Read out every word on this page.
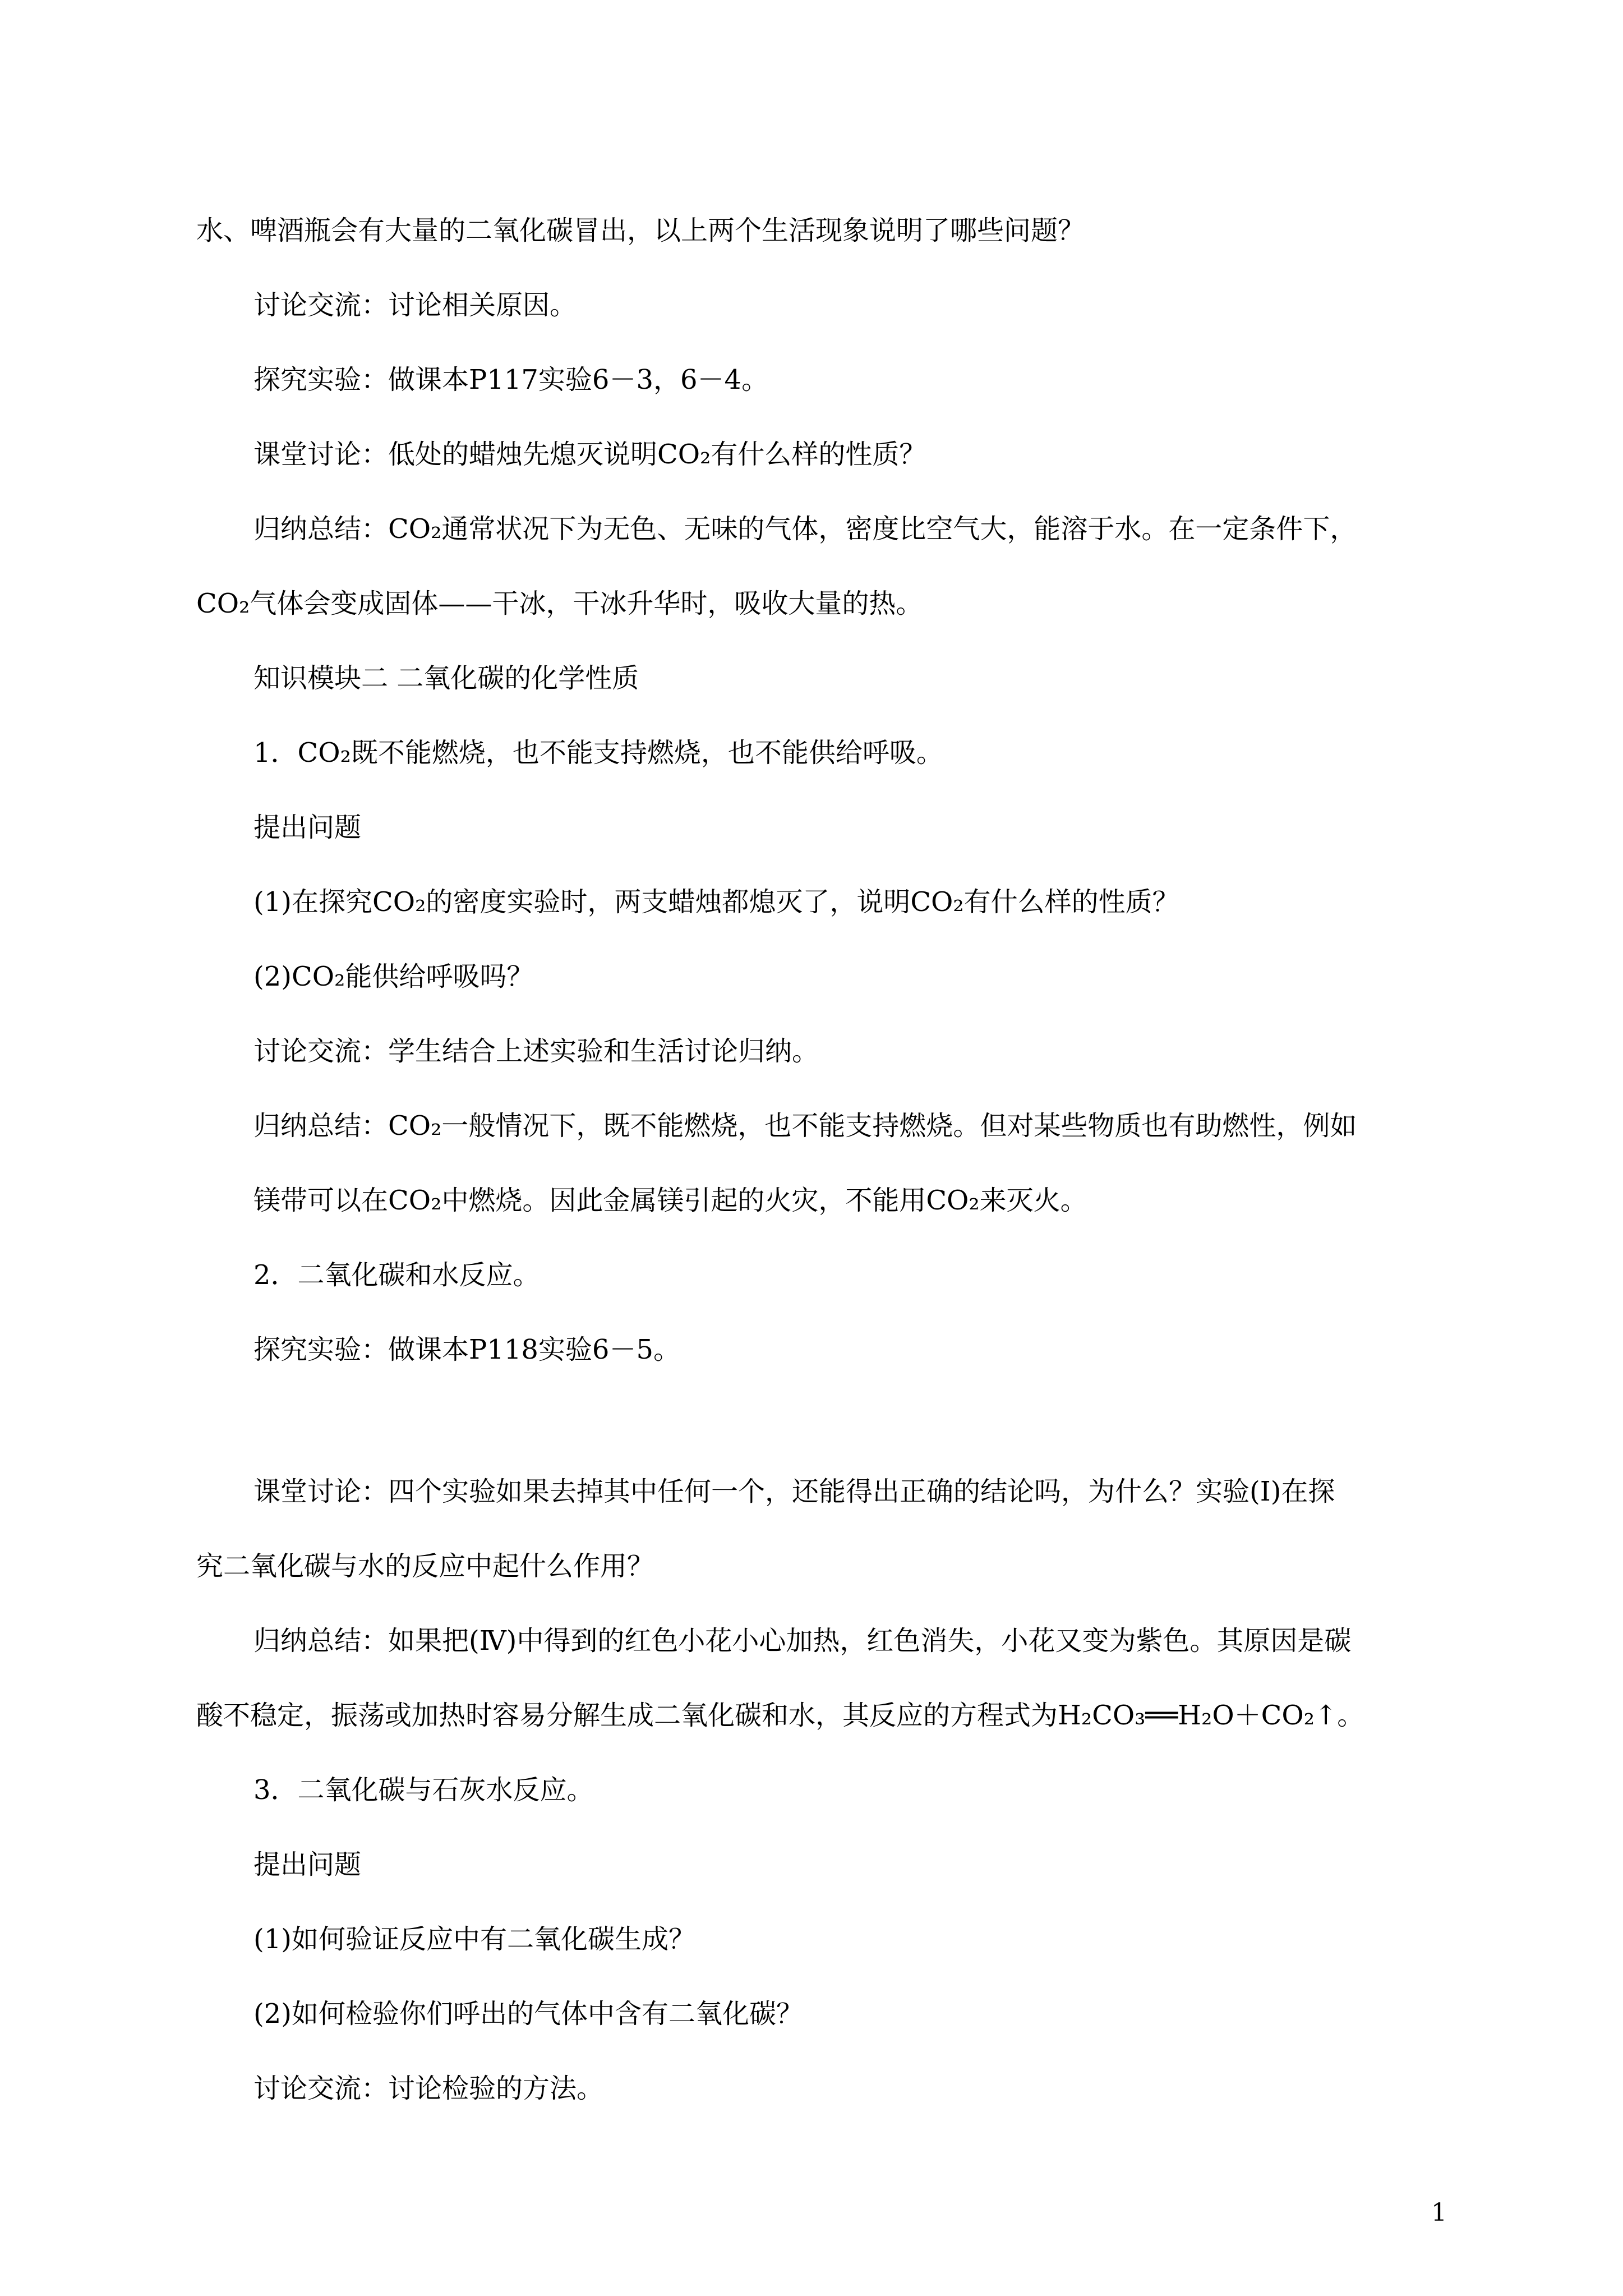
水、啤酒瓶会有大量的二氧化碳冒出，以上两个生活现象说明了哪些问题？
讨论交流：讨论相关原因。
探究实验：做课本P117实验6－3，6－4。
课堂讨论：低处的蜡烛先熄灭说明CO₂有什么样的性质？
归纳总结：CO₂通常状况下为无色、无味的气体，密度比空气大，能溶于水。在一定条件下，
CO₂气体会变成固体——干冰，干冰升华时，吸收大量的热。
知识模块二 二氧化碳的化学性质
1．CO₂既不能燃烧，也不能支持燃烧，也不能供给呼吸。
提出问题
(1)在探究CO₂的密度实验时，两支蜡烛都熄灭了，说明CO₂有什么样的性质？
(2)CO₂能供给呼吸吗？
讨论交流：学生结合上述实验和生活讨论归纳。
归纳总结：CO₂一般情况下，既不能燃烧，也不能支持燃烧。但对某些物质也有助燃性，例如
镁带可以在CO₂中燃烧。因此金属镁引起的火灾，不能用CO₂来灭火。
2．二氧化碳和水反应。
探究实验：做课本P118实验6－5。
课堂讨论：四个实验如果去掉其中任何一个，还能得出正确的结论吗，为什么？实验(Ⅰ)在探
究二氧化碳与水的反应中起什么作用？
归纳总结：如果把(Ⅳ)中得到的红色小花小心加热，红色消失，小花又变为紫色。其原因是碳
酸不稳定，振荡或加热时容易分解生成二氧化碳和水，其反应的方程式为H₂CO₃══H₂O＋CO₂↑。
3．二氧化碳与石灰水反应。
提出问题
(1)如何验证反应中有二氧化碳生成？
(2)如何检验你们呼出的气体中含有二氧化碳？
讨论交流：讨论检验的方法。
1
